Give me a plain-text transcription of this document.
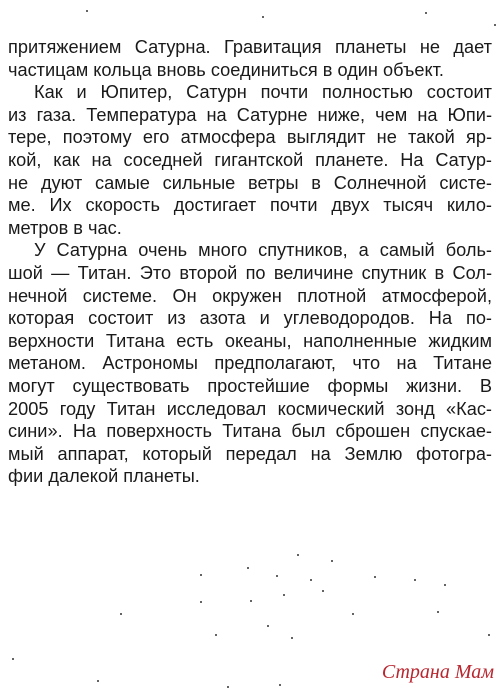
притяжением Сатурна. Гравитация планеты не дает
частицам кольца вновь соединиться в один объект.
Как и Юпитер, Сатурн почти полностью состоит
из газа. Температура на Сатурне ниже, чем на Юпи-
тере, поэтому его атмосфера выглядит не такой яр-
кой, как на соседней гигантской планете. На Сатур-
не дуют самые сильные ветры в Солнечной систе-
ме. Их скорость достигает почти двух тысяч кило-
метров в час.
У Сатурна очень много спутников, а самый боль-
шой — Титан. Это второй по величине спутник в Сол-
нечной системе. Он окружен плотной атмосферой,
которая состоит из азота и углеводородов. На по-
верхности Титана есть океаны, наполненные жидким
метаном. Астрономы предполагают, что на Титане
могут существовать простейшие формы жизни. В
2005 году Титан исследовал космический зонд «Кас-
сини». На поверхность Титана был сброшен спускае-
мый аппарат, который передал на Землю фотогра-
фии далекой планеты.
Страна Мам
